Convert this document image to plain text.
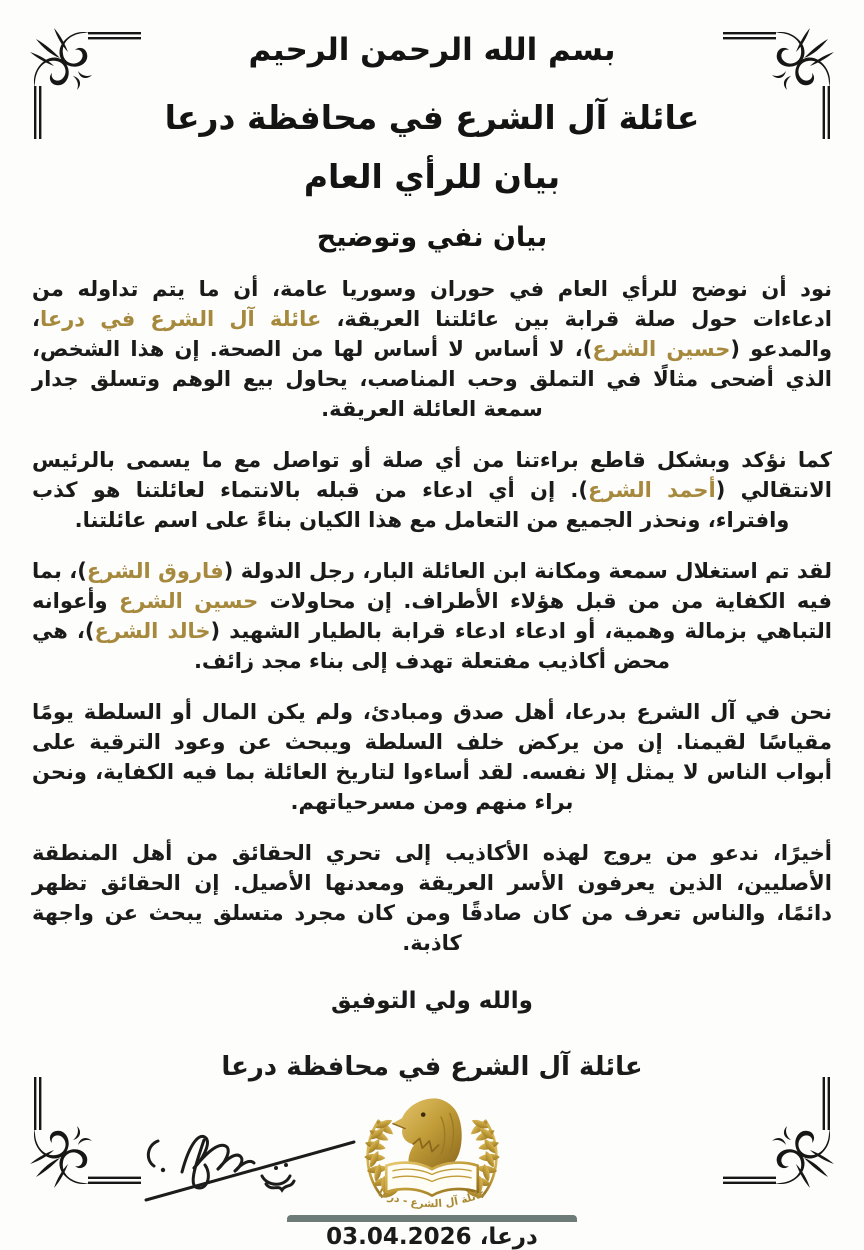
بسم الله الرحمن الرحيم
عائلة آل الشرع في محافظة درعا
بيان للرأي العام
بيان نفي وتوضيح

نود أن نوضح للرأي العام في حوران وسوريا عامة، أن ما يتم تداوله من ادعاءات حول صلة قرابة بين عائلتنا العريقة، عائلة آل الشرع في درعا، والمدعو (حسين الشرع)، لا أساس لا أساس لها من الصحة. إن هذا الشخص، الذي أضحى مثالًا في التملق وحب المناصب، يحاول بيع الوهم وتسلق جدار سمعة العائلة العريقة.

كما نؤكد وبشكل قاطع براءتنا من أي صلة أو تواصل مع ما يسمى بالرئيس الانتقالي (أحمد الشرع). إن أي ادعاء من قبله بالانتماء لعائلتنا هو كذب وافتراء، ونحذر الجميع من التعامل مع هذا الكيان بناءً على اسم عائلتنا.

لقد تم استغلال سمعة ومكانة ابن العائلة البار، رجل الدولة (فاروق الشرع)، بما فيه الكفاية من من قبل هؤلاء الأطراف. إن محاولات حسين الشرع وأعوانه التباهي بزمالة وهمية، أو ادعاء ادعاء قرابة بالطيار الشهيد (خالد الشرع)، هي محض أكاذيب مفتعلة تهدف إلى بناء مجد زائف.

نحن في آل الشرع بدرعا، أهل صدق ومبادئ، ولم يكن المال أو السلطة يومًا مقياسًا لقيمنا. إن من يركض خلف السلطة ويبحث عن وعود الترقية على أبواب الناس لا يمثل إلا نفسه. لقد أساءوا لتاريخ العائلة بما فيه الكفاية، ونحن براء منهم ومن مسرحياتهم.

أخيرًا، ندعو من يروج لهذه الأكاذيب إلى تحري الحقائق من أهل المنطقة الأصليين، الذين يعرفون الأسر العريقة ومعدنها الأصيل. إن الحقائق تظهر دائمًا، والناس تعرف من كان صادقًا ومن كان مجرد متسلق يبحث عن واجهة كاذبة.

والله ولي التوفيق
عائلة آل الشرع في محافظة درعا
عائلة آل الشرع - درعا
درعا، 03.04.2026
